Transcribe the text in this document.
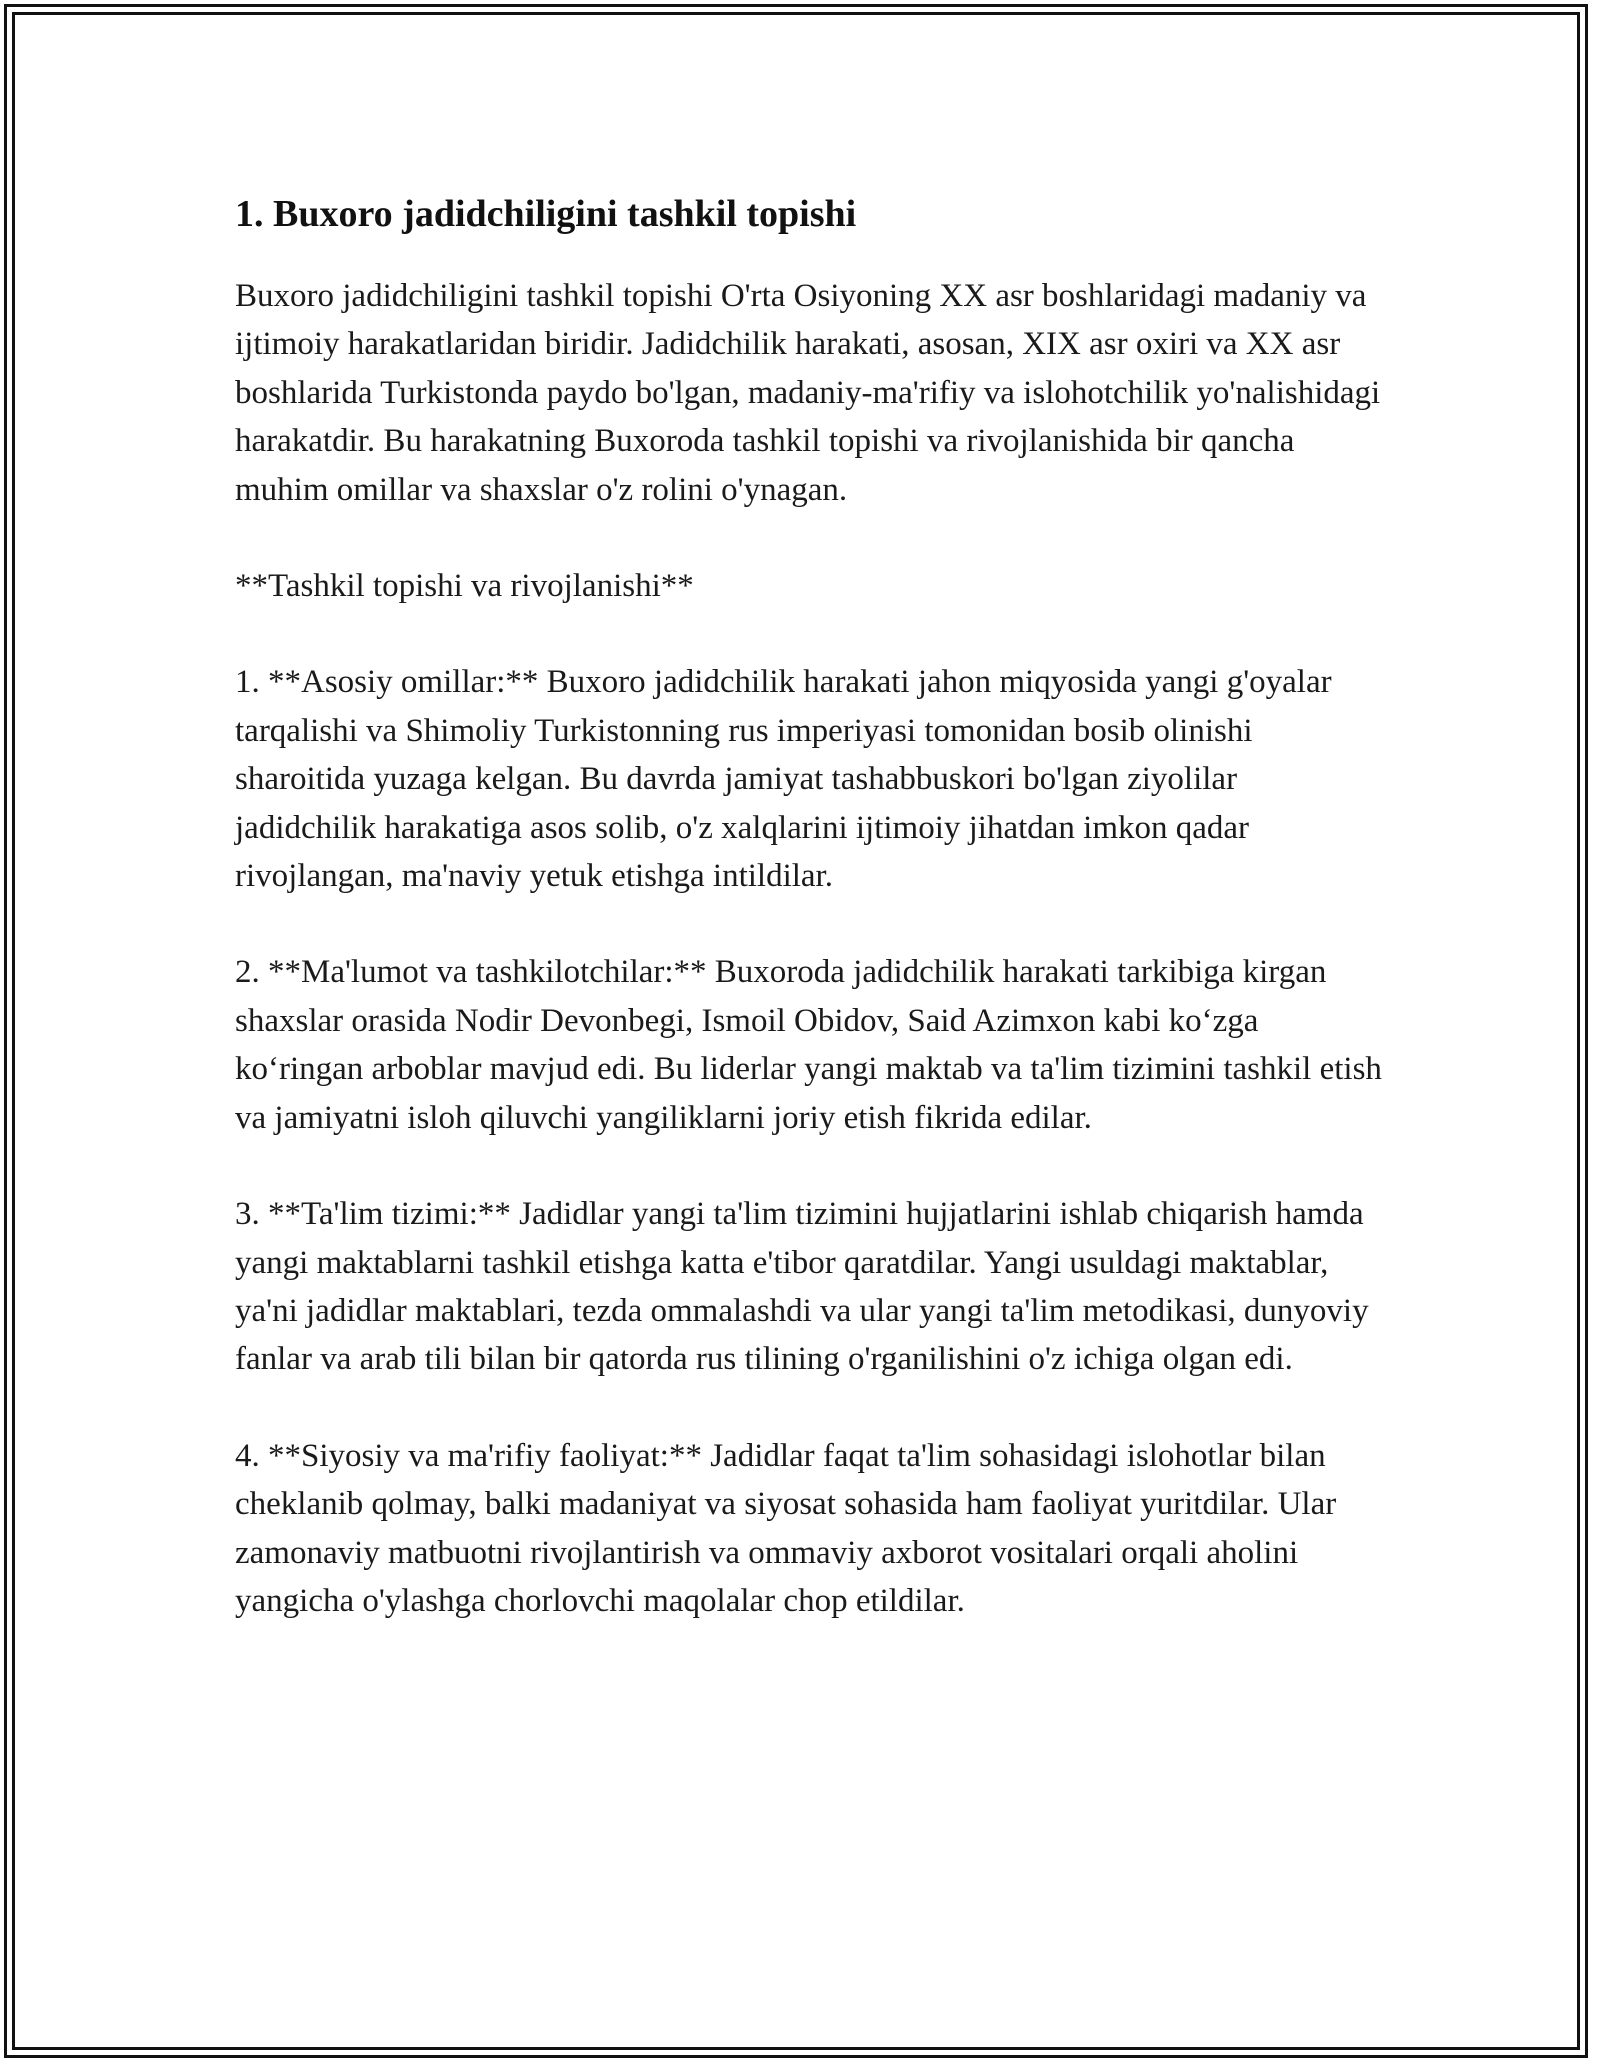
1. Buxoro jadidchiligini tashkil topishi

Buxoro jadidchiligini tashkil topishi O'rta Osiyoning XX asr boshlaridagi madaniy va ijtimoiy harakatlaridan biridir. Jadidchilik harakati, asosan, XIX asr oxiri va XX asr boshlarida Turkistonda paydo bo'lgan, madaniy-ma'rifiy va islohotchilik yo'nalishidagi harakatdir. Bu harakatning Buxoroda tashkil topishi va rivojlanishida bir qancha muhim omillar va shaxslar o'z rolini o'ynagan.

**Tashkil topishi va rivojlanishi**

1. **Asosiy omillar:** Buxoro jadidchilik harakati jahon miqyosida yangi g'oyalar tarqalishi va Shimoliy Turkistonning rus imperiyasi tomonidan bosib olinishi sharoitida yuzaga kelgan. Bu davrda jamiyat tashabbuskori bo'lgan ziyolilar jadidchilik harakatiga asos solib, o'z xalqlarini ijtimoiy jihatdan imkon qadar rivojlangan, ma'naviy yetuk etishga intildilar.

2. **Ma'lumot va tashkilotchilar:** Buxoroda jadidchilik harakati tarkibiga kirgan shaxslar orasida Nodir Devonbegi, Ismoil Obidov, Said Azimxon kabi koʻzga koʻringan arboblar mavjud edi. Bu liderlar yangi maktab va ta'lim tizimini tashkil etish va jamiyatni isloh qiluvchi yangiliklarni joriy etish fikrida edilar.

3. **Ta'lim tizimi:** Jadidlar yangi ta'lim tizimini hujjatlarini ishlab chiqarish hamda yangi maktablarni tashkil etishga katta e'tibor qaratdilar. Yangi usuldagi maktablar, ya'ni jadidlar maktablari, tezda ommalashdi va ular yangi ta'lim metodikasi, dunyoviy fanlar va arab tili bilan bir qatorda rus tilining o'rganilishini o'z ichiga olgan edi.

4. **Siyosiy va ma'rifiy faoliyat:** Jadidlar faqat ta'lim sohasidagi islohotlar bilan cheklanib qolmay, balki madaniyat va siyosat sohasida ham faoliyat yuritdilar. Ular zamonaviy matbuotni rivojlantirish va ommaviy axborot vositalari orqali aholini yangicha o'ylashga chorlovchi maqolalar chop etildilar.
